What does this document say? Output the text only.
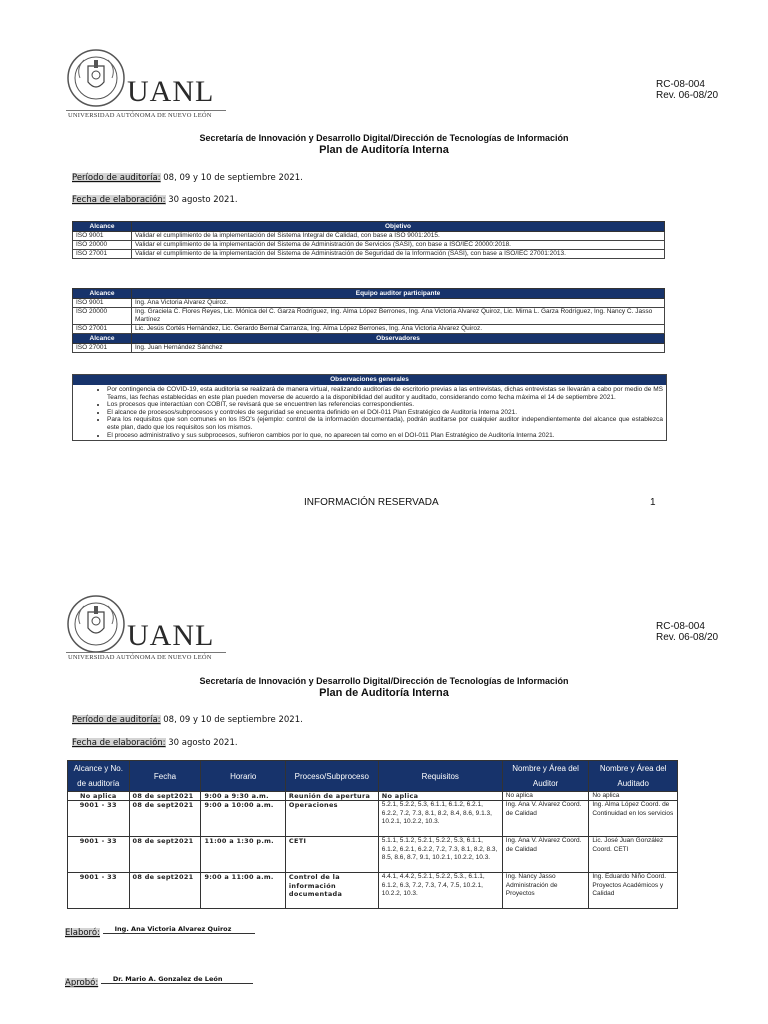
UANL
UNIVERSIDAD AUTÓNOMA DE NUEVO LEÓN
RC-08-004
Rev. 06-08/20
Secretaría de Innovación y Desarrollo Digital/Dirección de Tecnologías de Información
Plan de Auditoría Interna
Período de auditoría: 08, 09 y 10 de septiembre 2021.
Fecha de elaboración: 30 agosto 2021.
Alcance	Objetivo
ISO 9001	Validar el cumplimiento de la implementación del Sistema Integral de Calidad, con base a ISO 9001:2015.
ISO 20000	Validar el cumplimiento de la implementación del Sistema de Administración de Servicios (SASI), con base a ISO/IEC 20000:2018.
ISO 27001	Validar el cumplimiento de la implementación del Sistema de Administración de Seguridad de la Información (SASI), con base a ISO/IEC 27001:2013.
Alcance	Equipo auditor participante
ISO 9001	Ing. Ana Victoria Alvarez Quiroz.
ISO 20000	Ing. Graciela C. Flores Reyes, Lic. Mónica del C. Garza Rodríguez, Ing. Alma López Berrones, Ing. Ana Victoria Alvarez Quiroz, Lic. Mirna L. Garza Rodríguez, Ing. Nancy C. Jasso Martínez
ISO 27001	Lic. Jesús Cortés Hernández, Lic. Gerardo Bernal Carranza, Ing. Alma López Berrones, Ing. Ana Victoria Alvarez Quiroz.
Alcance	Observadores
ISO 27001	Ing. Juan Hernández Sánchez
Observaciones generales
• Por contingencia de COVID-19, esta auditoría se realizará de manera virtual, realizando auditorías de escritorio previas a las entrevistas, dichas entrevistas se llevarán a cabo por medio de MS Teams, las fechas establecidas en este plan pueden moverse de acuerdo a la disponibilidad del auditor y auditado, considerando como fecha máxima el 14 de septiembre 2021.
• Los procesos que interactúan con COBIT, se revisará que se encuentren las referencias correspondientes.
• El alcance de procesos/subprocesos y controles de seguridad se encuentra definido en el DOI-011 Plan Estratégico de Auditoría Interna 2021.
• Para los requisitos que son comunes en los ISO's (ejemplo: control de la información documentada), podrán auditarse por cualquier auditor independientemente del alcance que establezca este plan, dado que los requisitos son los mismos.
• El proceso administrativo y sus subprocesos, sufrieron cambios por lo que, no aparecen tal como en el DOI-011 Plan Estratégico de Auditoría Interna 2021.
INFORMACIÓN RESERVADA	1
UANL
UNIVERSIDAD AUTÓNOMA DE NUEVO LEÓN
RC-08-004
Rev. 06-08/20
Secretaría de Innovación y Desarrollo Digital/Dirección de Tecnologías de Información
Plan de Auditoría Interna
Período de auditoría: 08, 09 y 10 de septiembre 2021.
Fecha de elaboración: 30 agosto 2021.
Alcance y No. de auditoría	Fecha	Horario	Proceso/Subproceso	Requisitos	Nombre y Área del Auditor	Nombre y Área del Auditado
No aplica	08 de sept2021	9:00 a 9:30 a.m.	Reunión de apertura	No aplica	No aplica	No aplica
9001 - 33	08 de sept2021	9:00 a 10:00 a.m.	Operaciones	5.2.1, 5.2.2, 5.3, 6.1.1, 6.1.2, 6.2.1, 6.2.2, 7.2, 7.3, 8.1, 8.2, 8.4, 8.6, 9.1.3, 10.2.1, 10.2.2, 10.3.	Ing. Ana V. Alvarez Coord. de Calidad	Ing. Alma López Coord. de Continuidad en los servicios
9001 - 33	08 de sept2021	11:00 a 1:30 p.m.	CETI	5.1.1, 5.1.2, 5.2.1, 5.2.2, 5.3, 6.1.1, 6.1.2, 6.2.1, 6.2.2, 7.2, 7.3, 8.1, 8.2, 8.3, 8.5, 8.6, 8.7, 9.1, 10.2.1, 10.2.2, 10.3.	Ing. Ana V. Alvarez Coord. de Calidad	Lic. José Juan González Coord. CETI
9001 - 33	08 de sept2021	9:00 a 11:00 a.m.	Control de la información documentada	4.4.1, 4.4.2, 5.2.1, 5.2.2, 5.3., 6.1.1, 6.1.2, 6.3, 7.2, 7.3, 7.4, 7.5, 10.2.1, 10.2.2, 10.3.	Ing. Nancy Jasso Administración de Proyectos	Ing. Eduardo Niño Coord. Proyectos Académicos y Calidad
Elaboró: Ing. Ana Victoria Alvarez Quiroz
Aprobó: Dr. Mario A. Gonzalez de León
